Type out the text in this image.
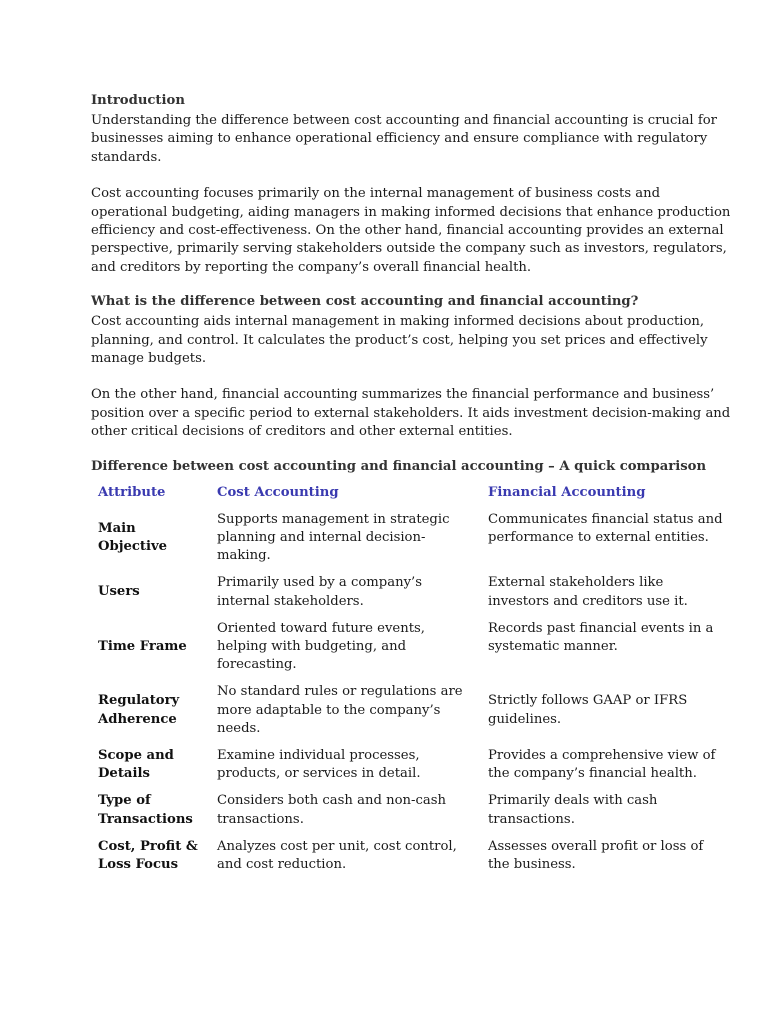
Introduction

Understanding the difference between cost accounting and financial accounting is crucial for businesses aiming to enhance operational efficiency and ensure compliance with regulatory standards.

Cost accounting focuses primarily on the internal management of business costs and operational budgeting, aiding managers in making informed decisions that enhance production efficiency and cost-effectiveness. On the other hand, financial accounting provides an external perspective, primarily serving stakeholders outside the company such as investors, regulators, and creditors by reporting the company’s overall financial health.

What is the difference between cost accounting and financial accounting?

Cost accounting aids internal management in making informed decisions about production, planning, and control. It calculates the product’s cost, helping you set prices and effectively manage budgets.

On the other hand, financial accounting summarizes the financial performance and business’ position over a specific period to external stakeholders. It aids investment decision-making and other critical decisions of creditors and other external entities.

Difference between cost accounting and financial accounting – A quick comparison
Attribute	Cost Accounting	Financial Accounting
Main Objective	Supports management in strategic planning and internal decision-making.	Communicates financial status and performance to external entities.
Users	Primarily used by a company’s internal stakeholders.	External stakeholders like investors and creditors use it.
Time Frame	Oriented toward future events, helping with budgeting, and forecasting.	Records past financial events in a systematic manner.
Regulatory Adherence	No standard rules or regulations are more adaptable to the company’s needs.	Strictly follows GAAP or IFRS guidelines.
Scope and Details	Examine individual processes, products, or services in detail.	Provides a comprehensive view of the company’s financial health.
Type of Transactions	Considers both cash and non-cash transactions.	Primarily deals with cash transactions.
Cost, Profit & Loss Focus	Analyzes cost per unit, cost control, and cost reduction.	Assesses overall profit or loss of the business.
